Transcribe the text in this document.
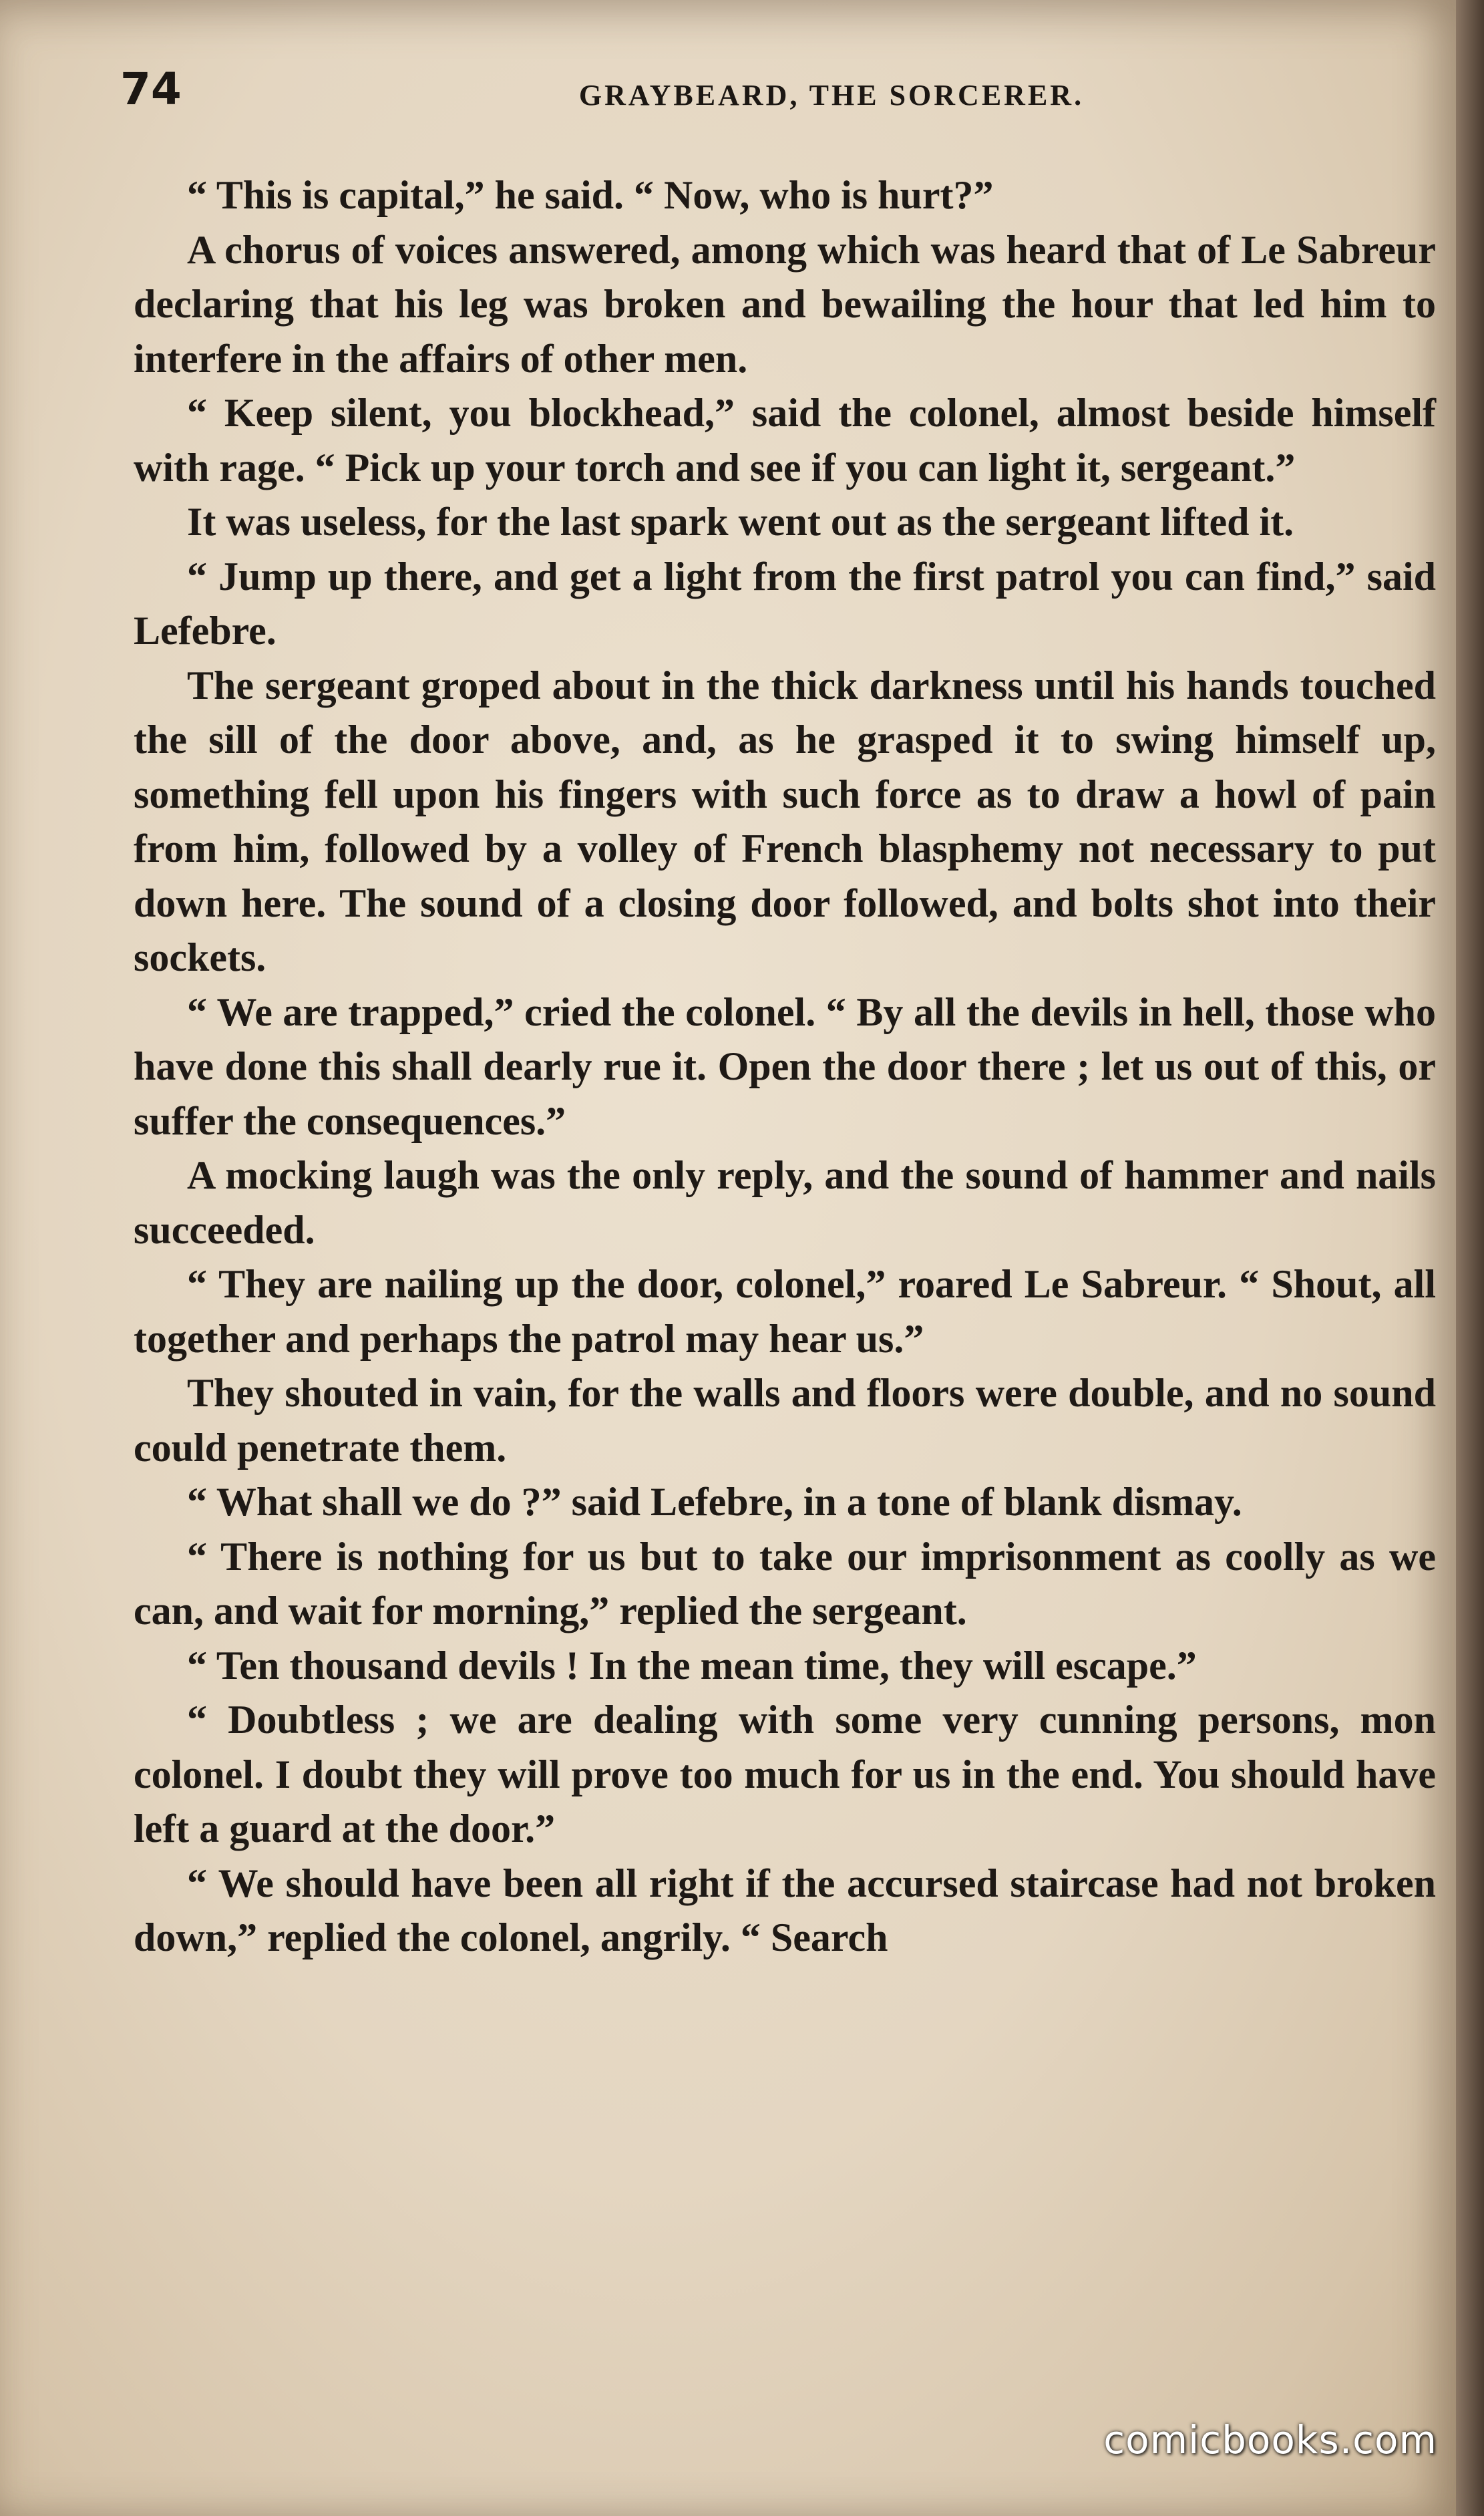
74	GRAYBEARD, THE SORCERER.

“ This is capital,” he said. “ Now, who is hurt?”

A chorus of voices answered, among which was heard that of Le Sabreur declaring that his leg was broken and bewailing the hour that led him to interfere in the affairs of other men.

“ Keep silent, you blockhead,” said the colonel, almost beside himself with rage. “ Pick up your torch and see if you can light it, sergeant.”

It was useless, for the last spark went out as the sergeant lifted it.

“ Jump up there, and get a light from the first patrol you can find,” said Lefebre.

The sergeant groped about in the thick darkness until his hands touched the sill of the door above, and, as he grasped it to swing himself up, something fell upon his fingers with such force as to draw a howl of pain from him, followed by a volley of French blasphemy not necessary to put down here. The sound of a closing door followed, and bolts shot into their sockets.

“ We are trapped,” cried the colonel. “ By all the devils in hell, those who have done this shall dearly rue it. Open the door there ; let us out of this, or suffer the consequences.”

A mocking laugh was the only reply, and the sound of hammer and nails succeeded.

“ They are nailing up the door, colonel,” roared Le Sabreur. “ Shout, all together and perhaps the patrol may hear us.”

They shouted in vain, for the walls and floors were double, and no sound could penetrate them.

“ What shall we do ?” said Lefebre, in a tone of blank dismay.

“ There is nothing for us but to take our imprisonment as coolly as we can, and wait for morning,” replied the sergeant.

“ Ten thousand devils ! In the mean time, they will escape.”

“ Doubtless ; we are dealing with some very cunning persons, mon colonel. I doubt they will prove too much for us in the end. You should have left a guard at the door.”

“ We should have been all right if the accursed staircase had not broken down,” replied the colonel, angrily. “ Search

comicbooks.com
